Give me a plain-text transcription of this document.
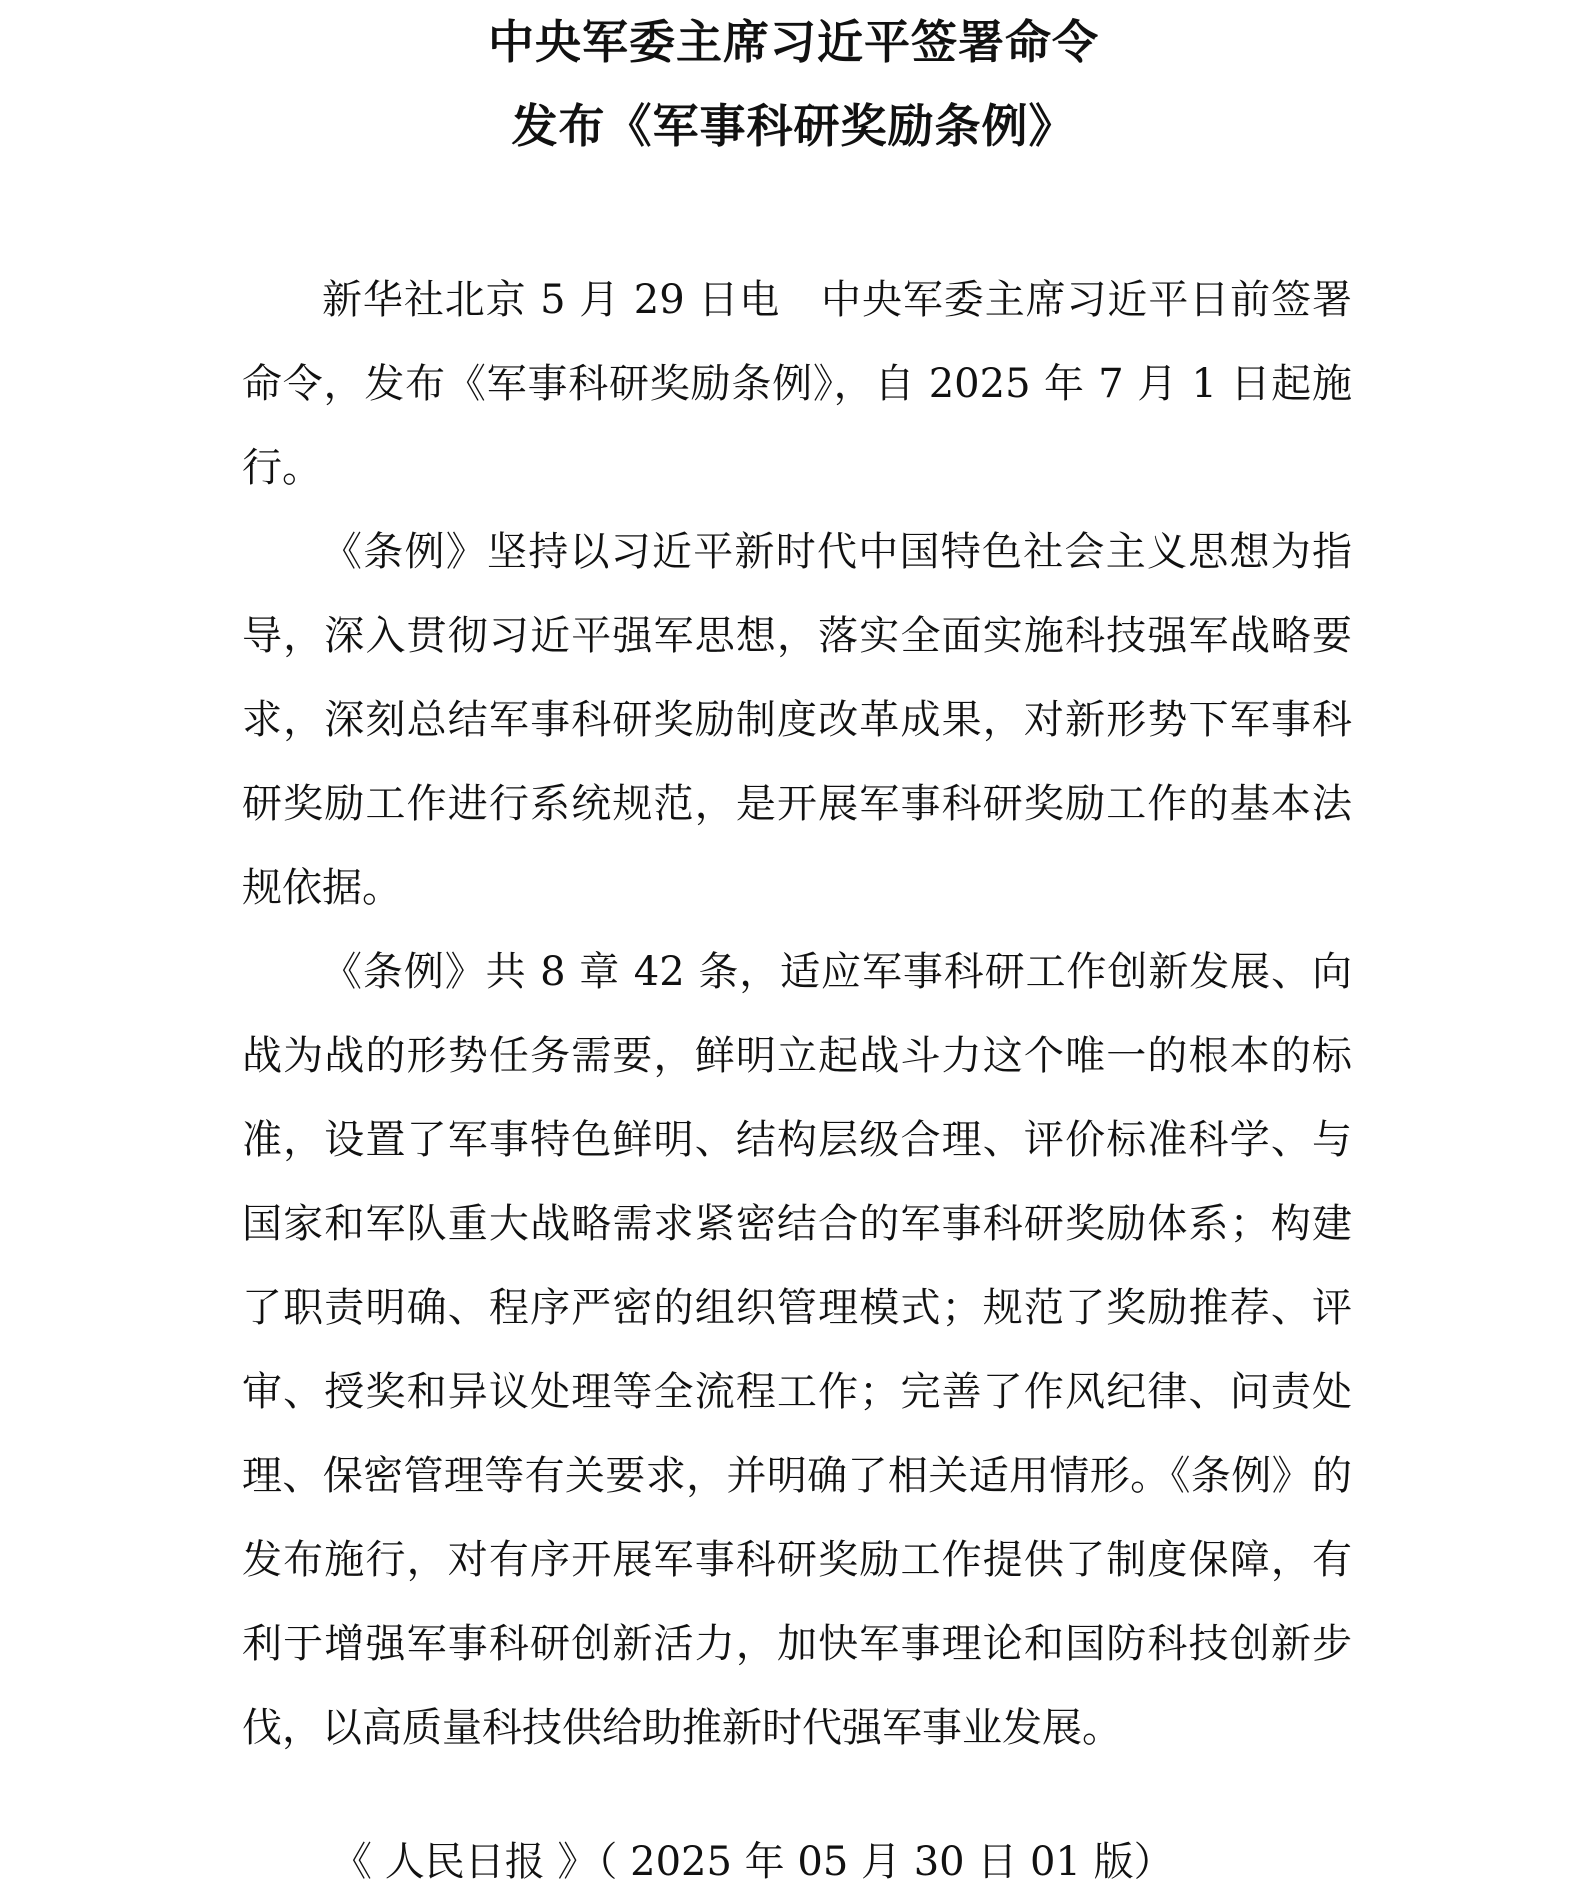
中央军委主席习近平签署命令
发布《军事科研奖励条例》

新华社北京 5 月 29 日电　中央军委主席习近平日前签署命令，发布《军事科研奖励条例》，自 2025 年 7 月 1 日起施行。

《条例》坚持以习近平新时代中国特色社会主义思想为指导，深入贯彻习近平强军思想，落实全面实施科技强军战略要求，深刻总结军事科研奖励制度改革成果，对新形势下军事科研奖励工作进行系统规范，是开展军事科研奖励工作的基本法规依据。

《条例》共 8 章 42 条，适应军事科研工作创新发展、向战为战的形势任务需要，鲜明立起战斗力这个唯一的根本的标准，设置了军事特色鲜明、结构层级合理、评价标准科学、与国家和军队重大战略需求紧密结合的军事科研奖励体系；构建了职责明确、程序严密的组织管理模式；规范了奖励推荐、评审、授奖和异议处理等全流程工作；完善了作风纪律、问责处理、保密管理等有关要求，并明确了相关适用情形。《条例》的发布施行，对有序开展军事科研奖励工作提供了制度保障，有利于增强军事科研创新活力，加快军事理论和国防科技创新步伐，以高质量科技供给助推新时代强军事业发展。

《 人民日报 》（ 2025 年 05 月 30 日 01 版）
